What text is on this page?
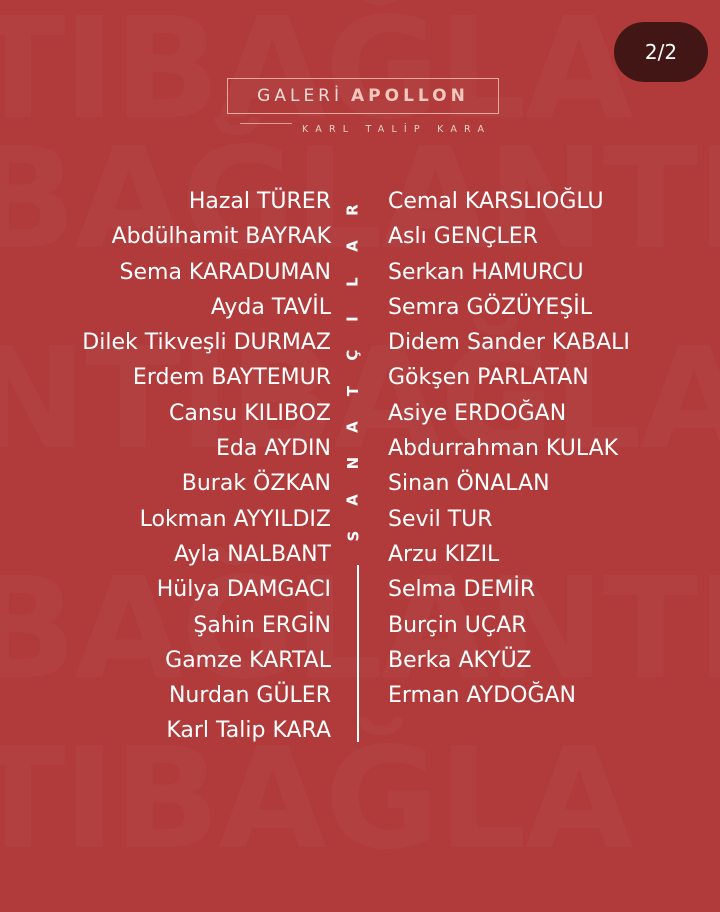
2/2
GALERİ APOLLON
KARL TALİP KARA
Hazal TÜRER
Abdülhamit BAYRAK
Sema KARADUMAN
Ayda TAVİL
Dilek Tikveşli DURMAZ
Erdem BAYTEMUR
Cansu KILIBOZ
Eda AYDIN
Burak ÖZKAN
Lokman AYYILDIZ
Ayla NALBANT
Hülya DAMGACI
Şahin ERGİN
Gamze KARTAL
Nurdan GÜLER
Karl Talip KARA
R
A
L
I
Ç
T
A
N
A
S
Cemal KARSLIOĞLU
Aslı GENÇLER
Serkan HAMURCU
Semra GÖZÜYEŞİL
Didem Sander KABALI
Gökşen PARLATAN
Asiye ERDOĞAN
Abdurrahman KULAK
Sinan ÖNALAN
Sevil TUR
Arzu KIZIL
Selma DEMİR
Burçin UÇAR
Berka AKYÜZ
Erman AYDOĞAN
